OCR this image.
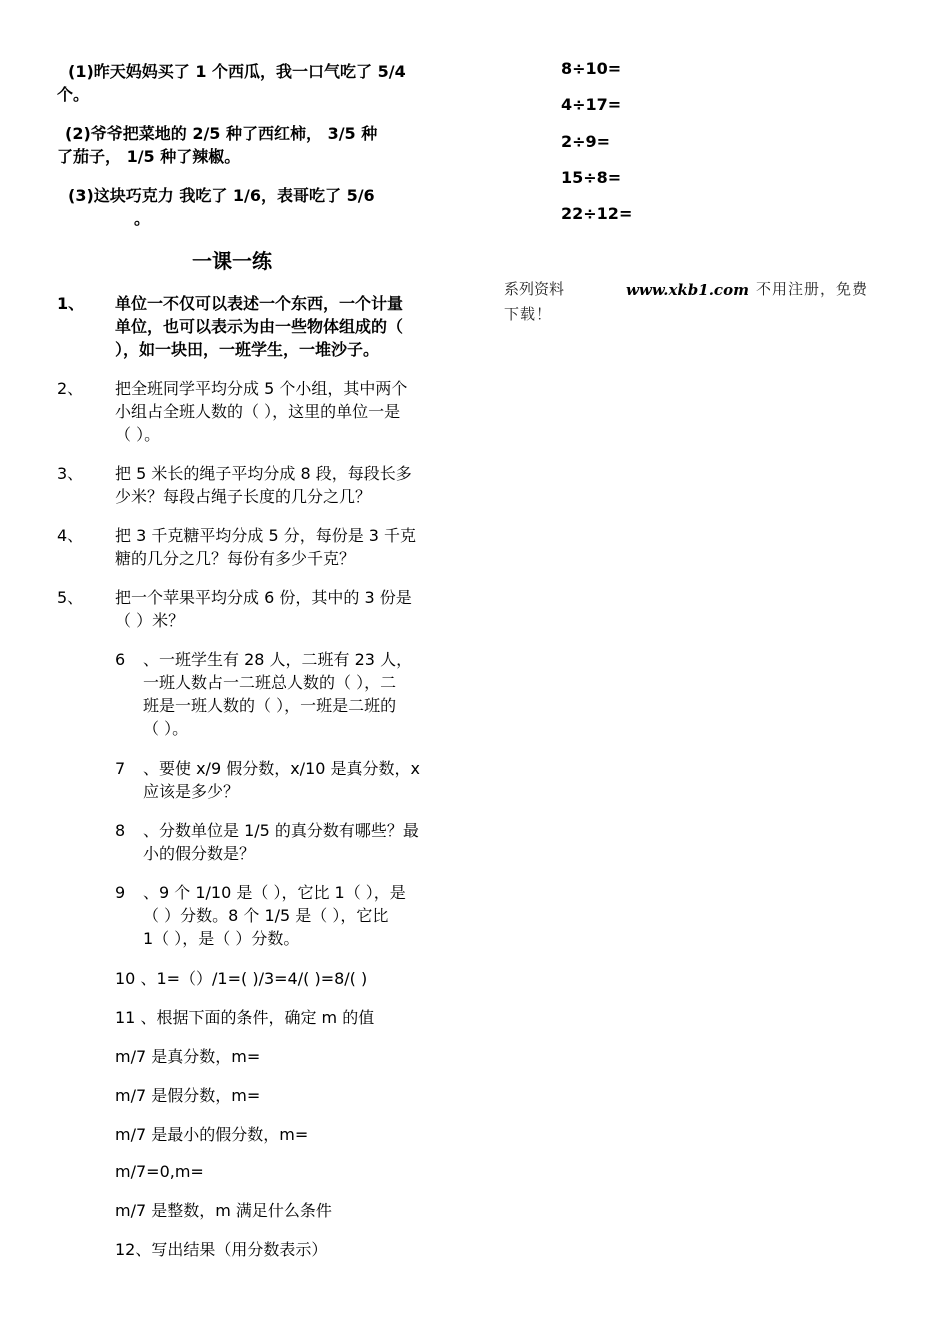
(1)昨天妈妈买了 1 个西瓜，我一口气吃了 5/4
个。
(2)爷爷把菜地的 2/5 种了西红柿， 3/5 种
了茄子， 1/5 种了辣椒。
(3)这块巧克力 我吃了 1/6，表哥吃了 5/6
。
一课一练
1、 单位一不仅可以表述一个东西，一个计量
单位，也可以表示为由一些物体组成的（
），如一块田，一班学生，一堆沙子。
2、 把全班同学平均分成 5 个小组，其中两个
小组占全班人数的（ ），这里的单位一是
（ ）。
3、 把 5 米长的绳子平均分成 8 段，每段长多
少米？每段占绳子长度的几分之几？
4、 把 3 千克糖平均分成 5 分，每份是 3 千克
糖的几分之几？每份有多少千克？
5、 把一个苹果平均分成 6 份，其中的 3 份是
（ ）米？
6 、一班学生有 28 人，二班有 23 人，
一班人数占一二班总人数的（ ），二
班是一班人数的（ ），一班是二班的
（ ）。
7 、要使 x/9 假分数，x/10 是真分数，x
应该是多少？
8 、分数单位是 1/5 的真分数有哪些？最
小的假分数是？
9 、9 个 1/10 是（ ），它比 1（ ），是
（ ）分数。8 个 1/5 是（ ），它比
1（ ），是（ ）分数。
10 、1=（）/1=( )/3=4/( )=8/( )
11 、根据下面的条件，确定 m 的值
m/7 是真分数，m=
m/7 是假分数，m=
m/7 是最小的假分数，m=
m/7=0,m=
m/7 是整数，m 满足什么条件
12、写出结果（用分数表示）
8÷10=
4÷17=
2÷9=
15÷8=
22÷12=
系列资料	www.xkb1.com 不用注册，免费
下载！
